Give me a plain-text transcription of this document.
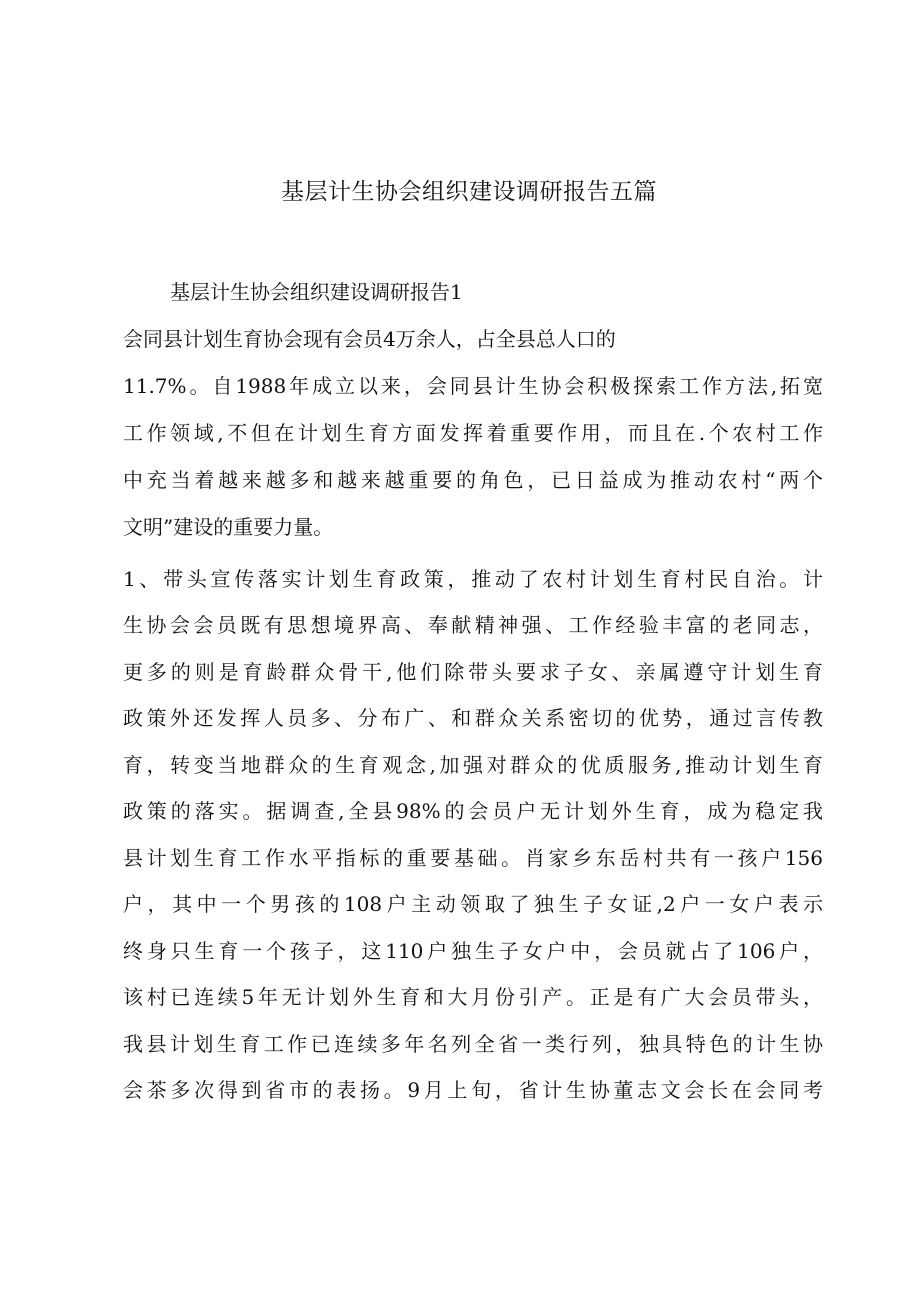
基层计生协会组织建设调研报告五篇
基层计生协会组织建设调研报告1
会同县计划生育协会现有会员4万余人，占全县总人口的
11.7%。自1988年成立以来，会同县计生协会积极探索工作方法,拓宽
工作领域,不但在计划生育方面发挥着重要作用，而且在.个农村工作
中充当着越来越多和越来越重要的角色，已日益成为推动农村“两个
文明”建设的重要力量。
1、带头宣传落实计划生育政策，推动了农村计划生育村民自治。计
生协会会员既有思想境界高、奉献精神强、工作经验丰富的老同志，
更多的则是育龄群众骨干,他们除带头要求子女、亲属遵守计划生育
政策外还发挥人员多、分布广、和群众关系密切的优势，通过言传教
育，转变当地群众的生育观念,加强对群众的优质服务,推动计划生育
政策的落实。据调查,全县98%的会员户无计划外生育，成为稳定我
县计划生育工作水平指标的重要基础。肖家乡东岳村共有一孩户156
户，其中一个男孩的108户主动领取了独生子女证,2户一女户表示
终身只生育一个孩子，这110户独生子女户中，会员就占了106户，
该村已连续5年无计划外生育和大月份引产。正是有广大会员带头，
我县计划生育工作已连续多年名列全省一类行列，独具特色的计生协
会茶多次得到省市的表扬。9月上旬，省计生协董志文会长在会同考
